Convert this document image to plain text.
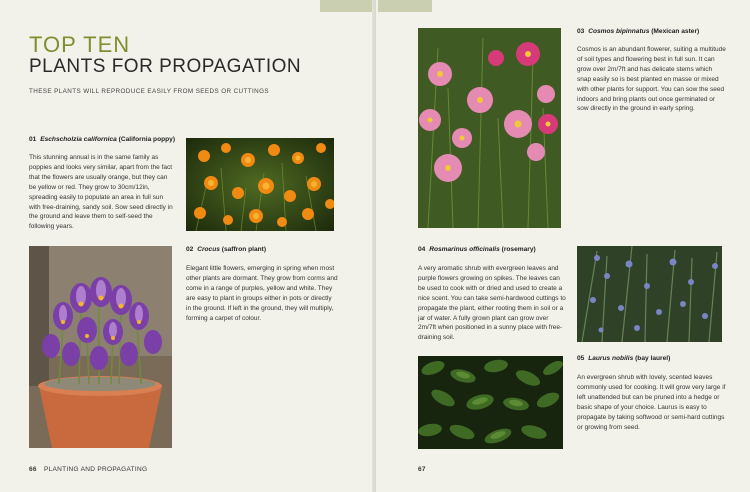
TOP TEN
PLANTS FOR PROPAGATION
THESE PLANTS WILL REPRODUCE EASILY FROM SEEDS OR CUTTINGS
01 Eschscholzia californica (California poppy)
This stunning annual is in the same family as poppies and looks very similar, apart from the fact that the flowers are usually orange, but they can be yellow or red. They grow to 30cm/12in, spreading easily to populate an area in full sun with free-draining, sandy soil. Sow seed directly in the ground and leave them to self-seed the following years.
02 Crocus (saffron plant)
Elegant little flowers, emerging in spring when most other plants are dormant. They grow from corms and come in a range of purples, yellow and white. They are easy to plant in groups either in pots or directly in the ground. If left in the ground, they will multiply, forming a carpet of colour.
66 PLANTING AND PROPAGATING
03 Cosmos bipinnatus (Mexican aster)
Cosmos is an abundant flowerer, suiting a multitude of soil types and flowering best in full sun. It can grow over 2m/7ft and has delicate stems which snap easily so is best planted en masse or mixed with other plants for support. You can sow the seed indoors and bring plants out once germinated or sow directly in the ground in early spring.
04 Rosmarinus officinalis (rosemary)
A very aromatic shrub with evergreen leaves and purple flowers growing on spikes. The leaves can be used to cook with or dried and used to create a nice scent. You can take semi-hardwood cuttings to propagate the plant, either rooting them in soil or a jar of water. A fully grown plant can grow over 2m/7ft when positioned in a sunny place with free-draining soil.
05 Laurus nobilis (bay laurel)
An evergreen shrub with lovely, scented leaves commonly used for cooking. It will grow very large if left unattended but can be pruned into a hedge or basic shape of your choice. Laurus is easy to propagate by taking softwood or semi-hard cuttings or growing from seed.
67
